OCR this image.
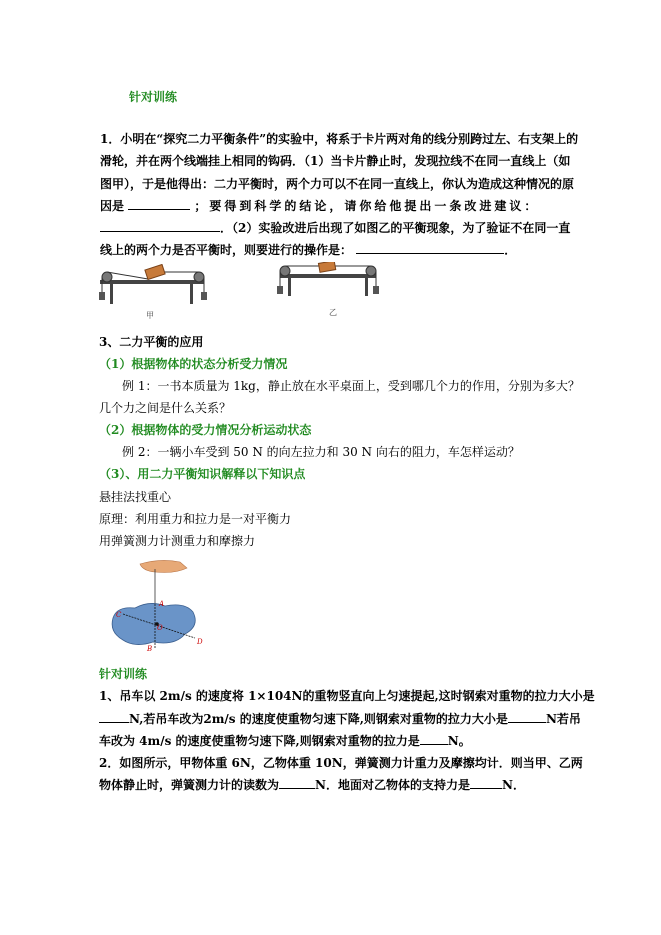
针对训练
1．小明在“探究二力平衡条件”的实验中，将系于卡片两对角的线分别跨过左、右支架上的
滑轮，并在两个线端挂上相同的钩码．（1）当卡片静止时，发现拉线不在同一直线上（如
图甲），于是他得出：二力平衡时，两个力可以不在同一直线上，你认为造成这种情况的原
因是	；要得到科学的结论，请你给他提出一条改进建议：
．（2）实验改进后出现了如图乙的平衡现象，为了验证不在同一直
线上的两个力是否平衡时，则要进行的操作是：	．
甲	乙
3、二力平衡的应用
（1）根据物体的状态分析受力情况
例 1：一书本质量为 1kg，静止放在水平桌面上，受到哪几个力的作用，分别为多大？
几个力之间是什么关系？
（2）根据物体的受力情况分析运动状态
例 2：一辆小车受到 50 N 的向左拉力和 30 N 向右的阻力，车怎样运动？
（3）、用二力平衡知识解释以下知识点
悬挂法找重心
原理：利用重力和拉力是一对平衡力
用弹簧测力计测重力和摩擦力
A
B
C
D
O
针对训练
1、吊车以 2m/s 的速度将 1×104N的重物竖直向上匀速提起,这时钢索对重物的拉力大小是
N,若吊车改为2m/s 的速度使重物匀速下降,则钢索对重物的拉力大小是	N若吊
车改为 4m/s 的速度使重物匀速下降,则钢索对重物的拉力是 N。
2．如图所示，甲物体重 6N，乙物体重 10N，弹簧测力计重力及摩擦均计．则当甲、乙两
物体静止时，弹簧测力计的读数为	N．地面对乙物体的支持力是	N．
